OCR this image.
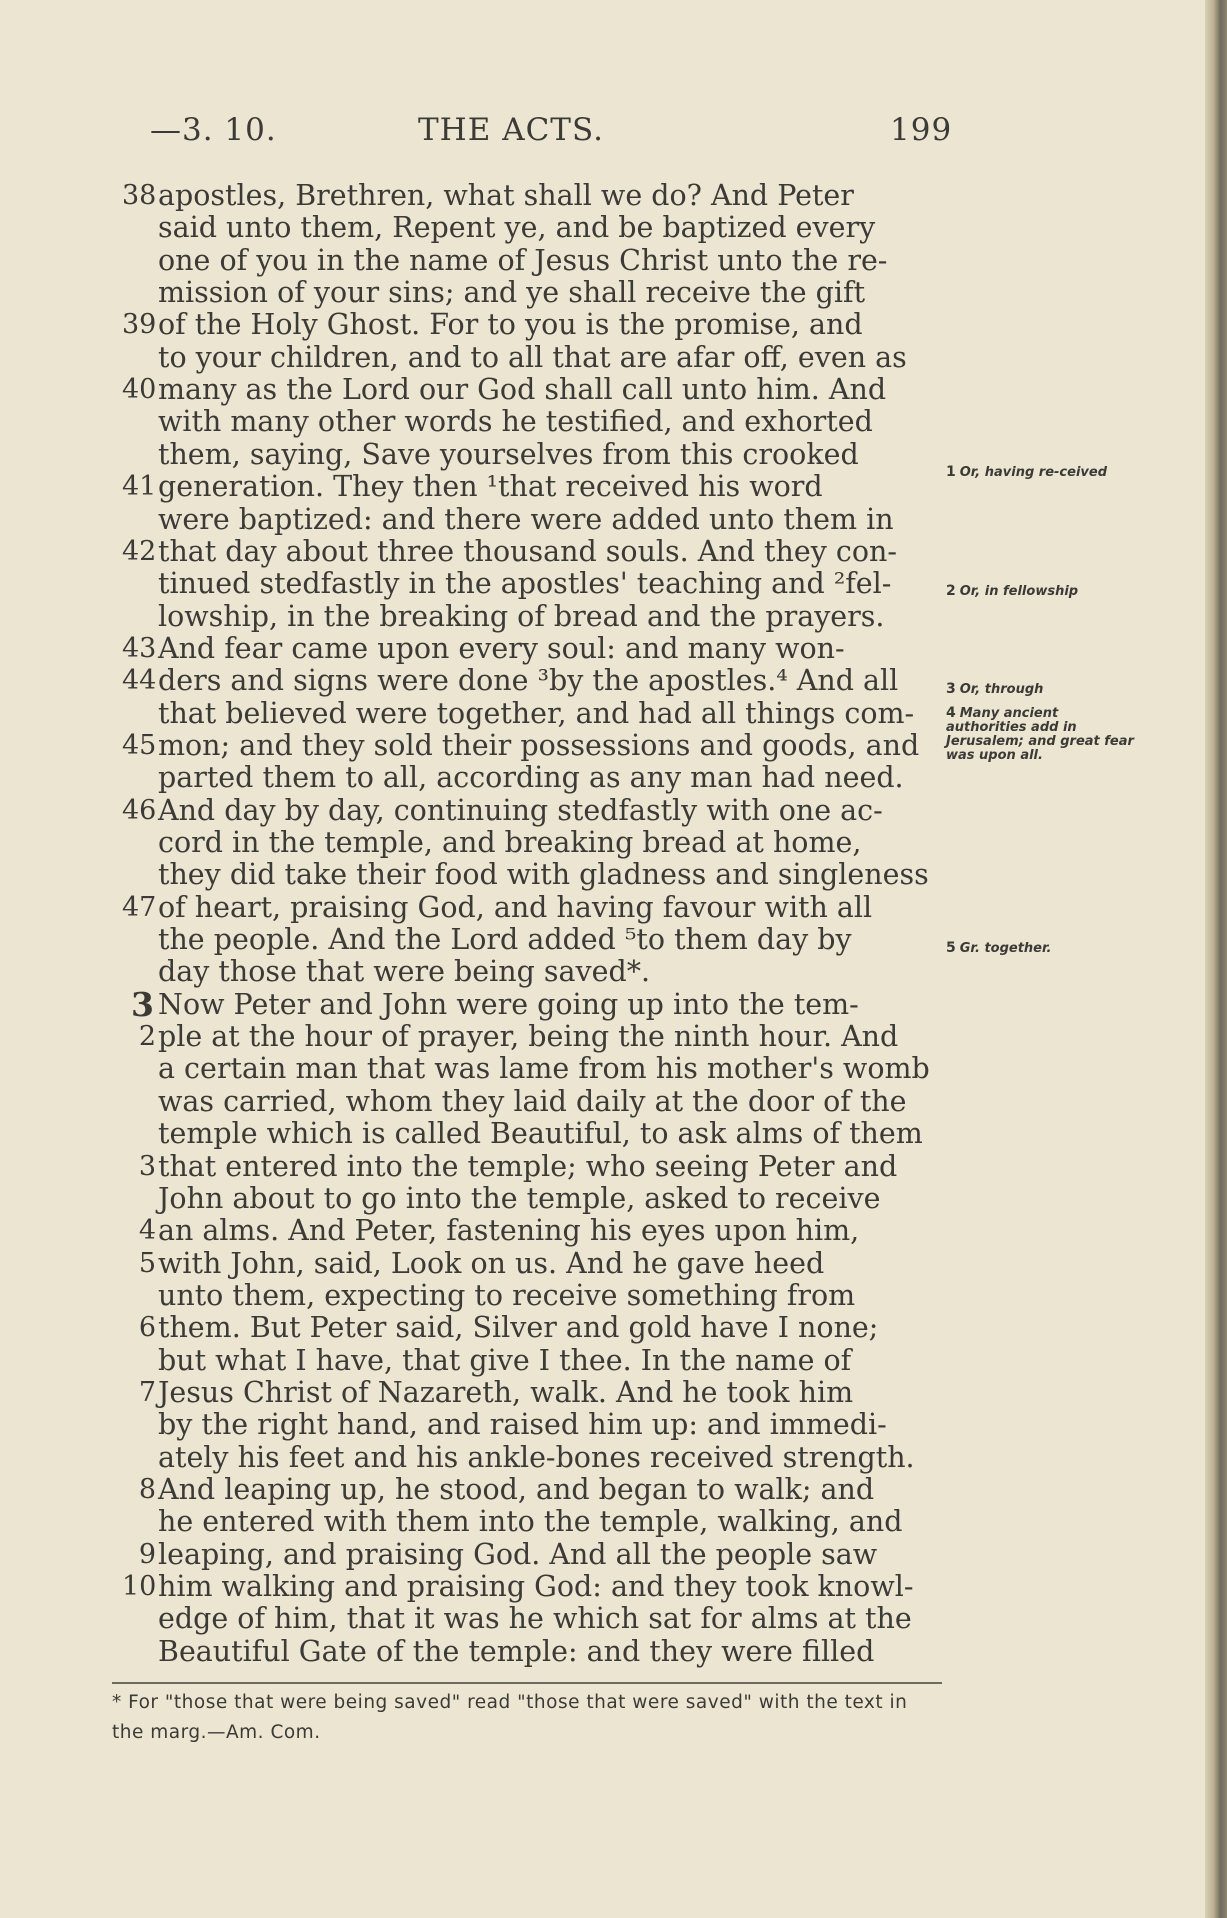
—3. 10.	THE ACTS.	199
38 apostles, Brethren, what shall we do? And Peter
said unto them, Repent ye, and be baptized every
one of you in the name of Jesus Christ unto the re-
mission of your sins; and ye shall receive the gift
39 of the Holy Ghost. For to you is the promise, and
to your children, and to all that are afar off, even as
40 many as the Lord our God shall call unto him. And
with many other words he testified, and exhorted
them, saying, Save yourselves from this crooked
41 generation. They then ¹that received his word
were baptized: and there were added unto them in
42 that day about three thousand souls. And they con-
tinued stedfastly in the apostles' teaching and ²fel-
lowship, in the breaking of bread and the prayers.
43 And fear came upon every soul: and many won-
44 ders and signs were done ³by the apostles.⁴ And all
that believed were together, and had all things com-
45 mon; and they sold their possessions and goods, and
parted them to all, according as any man had need.
46 And day by day, continuing stedfastly with one ac-
cord in the temple, and breaking bread at home,
they did take their food with gladness and singleness
47 of heart, praising God, and having favour with all
the people. And the Lord added ⁵to them day by
day those that were being saved*.
3 Now Peter and John were going up into the tem-
2 ple at the hour of prayer, being the ninth hour. And
a certain man that was lame from his mother's womb
was carried, whom they laid daily at the door of the
temple which is called Beautiful, to ask alms of them
3 that entered into the temple; who seeing Peter and
John about to go into the temple, asked to receive
4 an alms. And Peter, fastening his eyes upon him,
5 with John, said, Look on us. And he gave heed
unto them, expecting to receive something from
6 them. But Peter said, Silver and gold have I none;
but what I have, that give I thee. In the name of
7 Jesus Christ of Nazareth, walk. And he took him
by the right hand, and raised him up: and immedi-
ately his feet and his ankle-bones received strength.
8 And leaping up, he stood, and began to walk; and
he entered with them into the temple, walking, and
9 leaping, and praising God. And all the people saw
10 him walking and praising God: and they took knowl-
edge of him, that it was he which sat for alms at the
Beautiful Gate of the temple: and they were filled
1 Or, having re-ceived
2 Or, in fellowship
3 Or, through
4 Many ancient authorities add in Jerusalem; and great fear was upon all.
5 Gr. together.
* For "those that were being saved" read "those that were saved" with the text in the marg.—Am. Com.
